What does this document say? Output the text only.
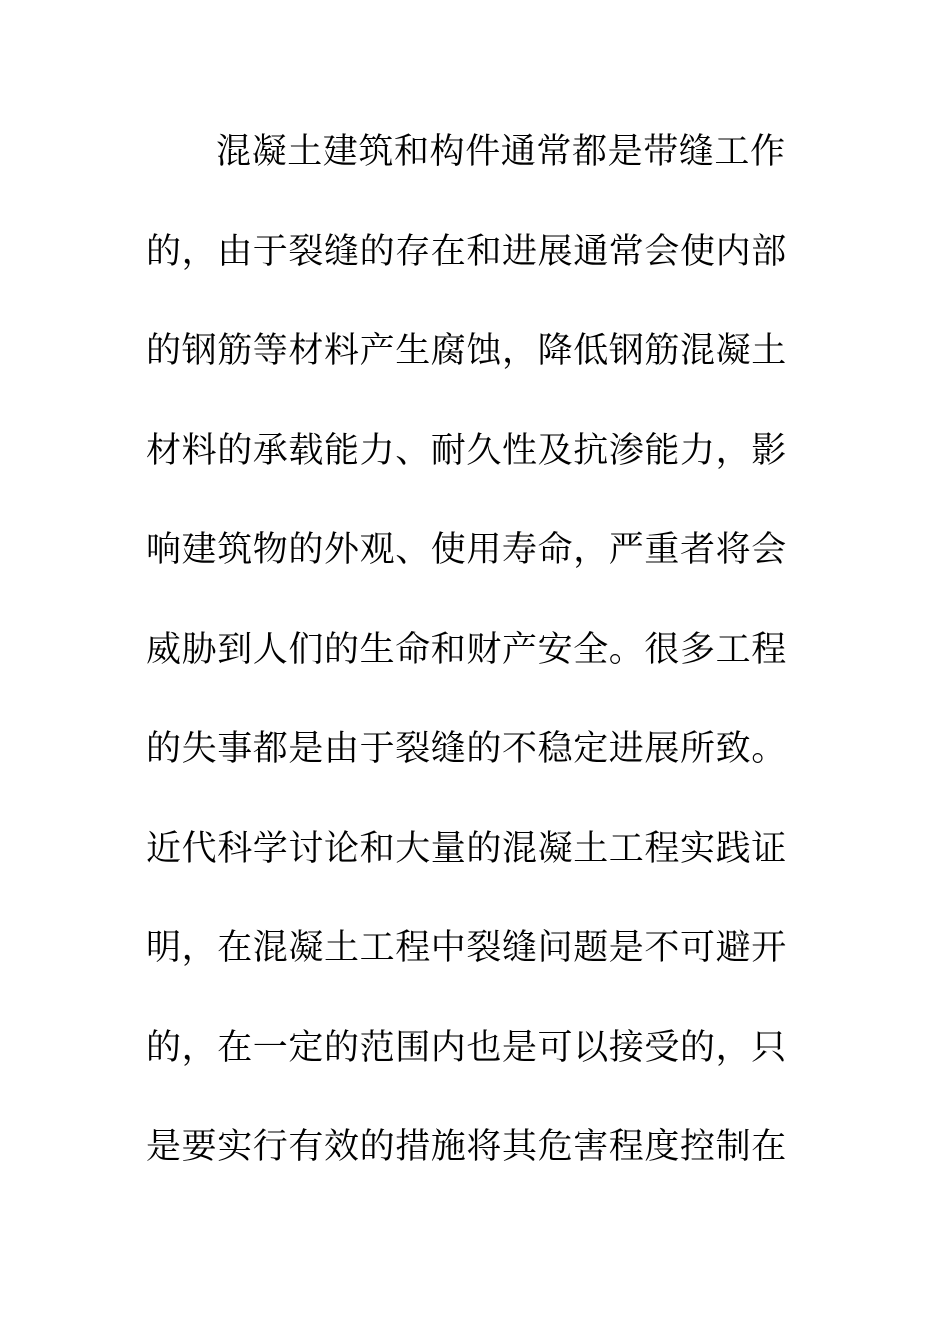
混凝土建筑和构件通常都是带缝工作
的，由于裂缝的存在和进展通常会使内部
的钢筋等材料产生腐蚀，降低钢筋混凝土
材料的承载能力、耐久性及抗渗能力，影
响建筑物的外观、使用寿命，严重者将会
威胁到人们的生命和财产安全。很多工程
的失事都是由于裂缝的不稳定进展所致。
近代科学讨论和大量的混凝土工程实践证
明，在混凝土工程中裂缝问题是不可避开
的，在一定的范围内也是可以接受的，只
是要实行有效的措施将其危害程度控制在
